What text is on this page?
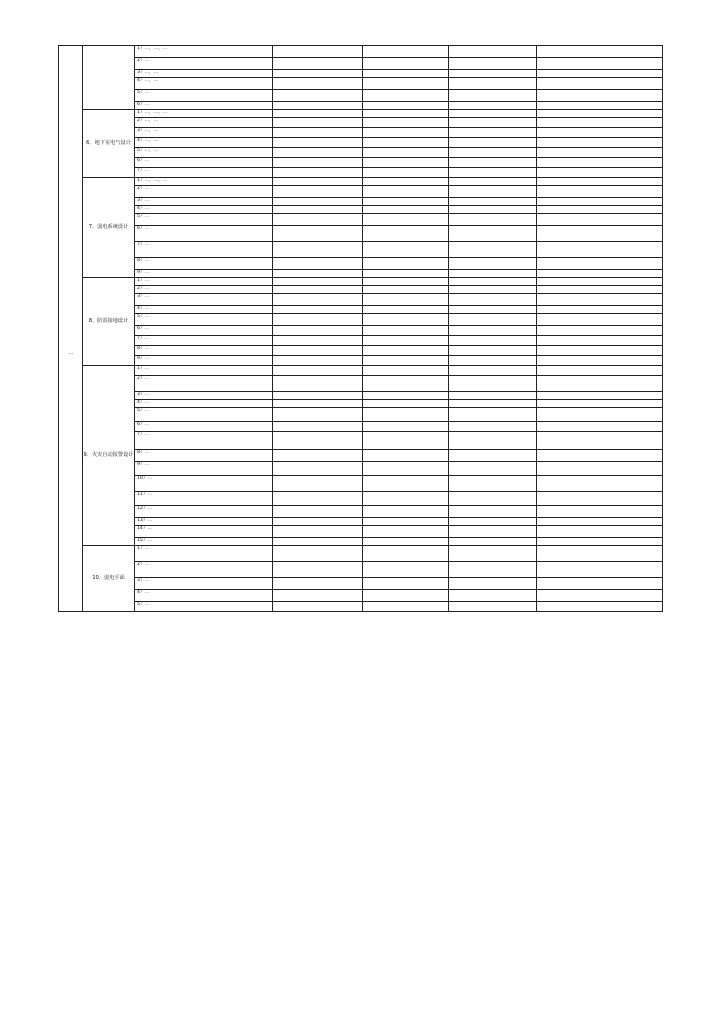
…		1）…，…、…				
		2）…				
		3）…，…				
		4）…，…				
		5）…				
		6）…				
	6、地下室电气设计	1）…，…、…				
		2）…，…				
		3）…，…				
		4）…，…				
		5）…，…				
		6）…				
		7）…				
	7、弱电系统设计	1）…，…、…				
		2）…				
		3）…				
		4）…				
		5）…				
		6）…				
		7）…				
		8）…				
		9）…				
	8、防雷接地设计	1）…				
		2）…				
		3）…				
		4）…				
		5）…				
		6）…				
		7）…				
		8）…				
		9）…				
	9、火灾自动报警设计	1）…				
		2）…				
		3）…				
		4）…				
		5）…				
		6）…				
		7）…				
		8）…				
		9）…				
		10）…				
		11）…				
		12）…				
		13）…				
		14）…				
		15）…				
	10、弱电平面	1）…				
		2）…				
		3）…				
		4）…				
		5）…				
